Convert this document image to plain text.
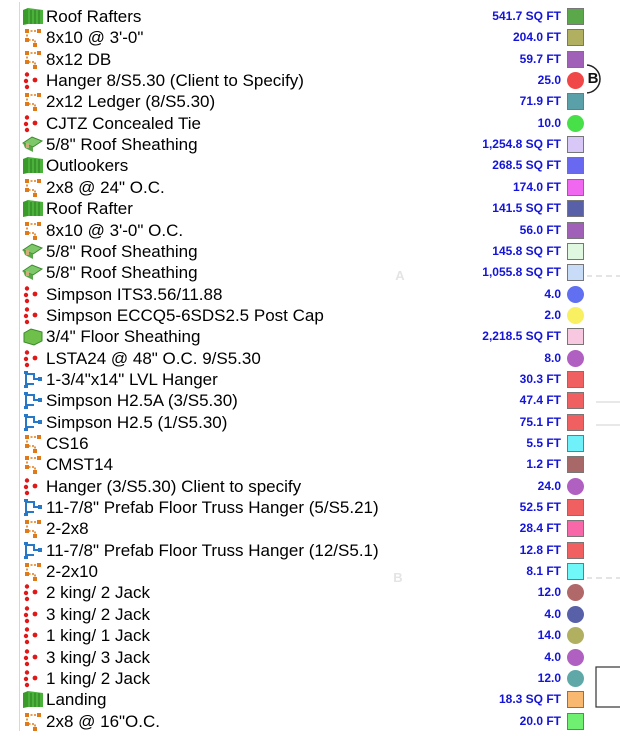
B
Roof Rafters	541.7 SQ FT
8x10 @ 3'-0"	204.0 FT
8x12 DB	59.7 FT
Hanger 8/S5.30 (Client to Specify)	25.0
2x12 Ledger (8/S5.30)	71.9 FT
CJTZ Concealed Tie	10.0
5/8" Roof Sheathing	1,254.8 SQ FT
Outlookers	268.5 SQ FT
2x8 @ 24" O.C.	174.0 FT
Roof Rafter	141.5 SQ FT
8x10 @ 3'-0" O.C.	56.0 FT
5/8" Roof Sheathing	145.8 SQ FT
5/8" Roof Sheathing	1,055.8 SQ FT
Simpson ITS3.56/11.88	4.0
Simpson ECCQ5-6SDS2.5 Post Cap	2.0
3/4" Floor Sheathing	2,218.5 SQ FT
LSTA24 @ 48" O.C. 9/S5.30	8.0
1-3/4"x14" LVL Hanger	30.3 FT
Simpson H2.5A (3/S5.30)	47.4 FT
Simpson H2.5 (1/S5.30)	75.1 FT
CS16	5.5 FT
CMST14	1.2 FT
Hanger (3/S5.30) Client to specify	24.0
11-7/8" Prefab Floor Truss Hanger (5/S5.21)	52.5 FT
2-2x8	28.4 FT
11-7/8" Prefab Floor Truss Hanger (12/S5.1)	12.8 FT
2-2x10	8.1 FT
2 king/ 2 Jack	12.0
3 king/ 2 Jack	4.0
1 king/ 1 Jack	14.0
3 king/ 3 Jack	4.0
1 king/ 2 Jack	12.0
Landing	18.3 SQ FT
2x8 @ 16"O.C.	20.0 FT
A
B
